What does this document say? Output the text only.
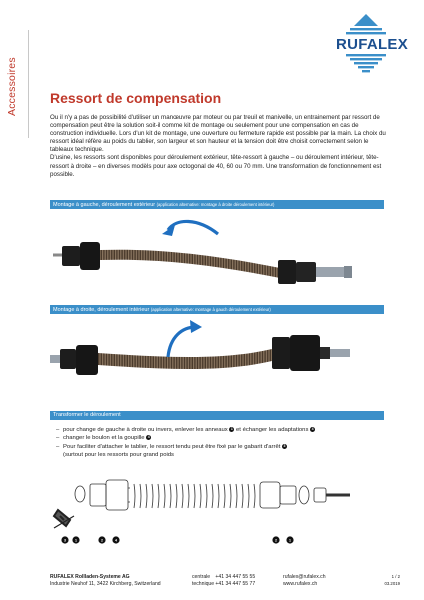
Accessoires
RUFALEX
Ressort de compensation

Ou il n'y a pas de possibilité d'utiliser un manœuvre par moteur ou par treuil et manivelle, un entrainement par ressort de compensation peut être la solution soit-il comme kit de montage ou seulement pour une compensation en cas de construction individuelle. Lors d'un kit de montage, une ouverture ou fermeture rapide est possible par la main. La choix du ressort idéal réfère au poids du tablier, son largeur et son hauteur et la tension doit être choisit correctement selon le tableaux technique.

D'usine, les ressorts sont disponibles pour déroulement extérieur, tête-ressort à gauche – ou déroulement intérieur, tête-ressort à droite – en diverses modèls pour axe octogonal de 40, 60 ou 70 mm. Une transformation de fonctionnement est possible.

Montage à gauche, déroulement extérieur (application alternative: montage à droite déroulement intérieur)
Montage à droite, déroulement intérieur (application alternative: montage à gauch déroulement extérieur)
Transformer le déroulement
– pour change de gauche à droite ou invers, enlever les anneaux 1 et échanger les adaptations 4
– changer le boulon et la goupille 4
– Pour faciliter d'attacher le tablier, le ressort tendu peut être fixé par le gabarit d'arrêt 3
(surtout pour les ressorts pour grand poids
3	1	2	4	2	1
RUFALEX Rollladen-Systeme AG
Industrie Neuhof 11, 3422 Kirchberg, Switzerland
centrale +41 34 447 55 55
technique +41 34 447 55 77
rufalex@rufalex.ch
www.rufalex.ch
1 / 2
03.2019
